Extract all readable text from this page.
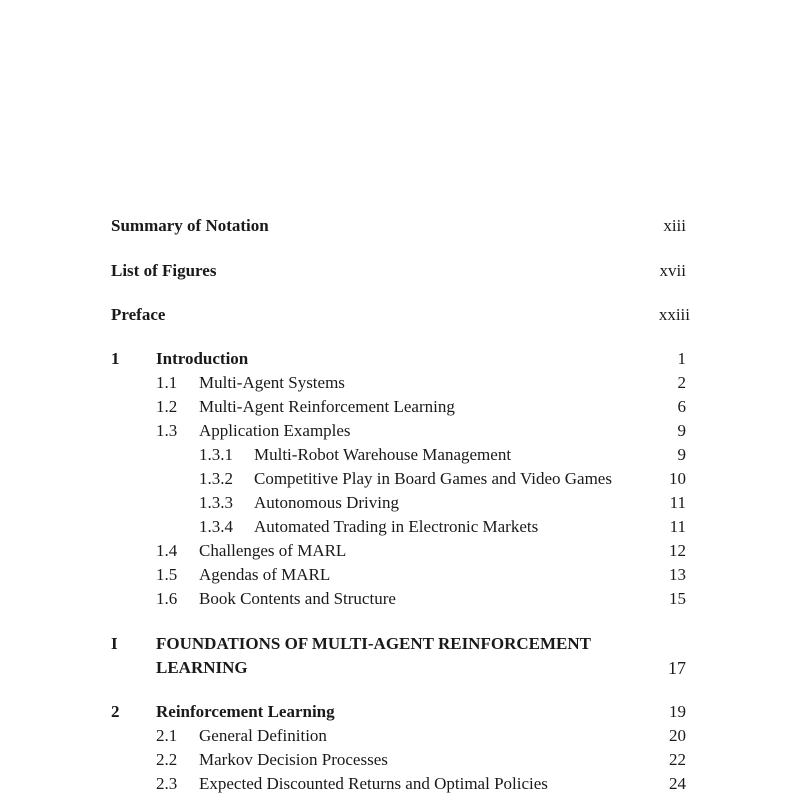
Summary of Notation	xiii
List of Figures	xvii
Preface	xxiii
1 Introduction	1
1.1 Multi-Agent Systems	2
1.2 Multi-Agent Reinforcement Learning	6
1.3 Application Examples	9
1.3.1 Multi-Robot Warehouse Management	9
1.3.2 Competitive Play in Board Games and Video Games	10
1.3.3 Autonomous Driving	11
1.3.4 Automated Trading in Electronic Markets	11
1.4 Challenges of MARL	12
1.5 Agendas of MARL	13
1.6 Book Contents and Structure	15
I FOUNDATIONS OF MULTI-AGENT REINFORCEMENT
LEARNING	17
2 Reinforcement Learning	19
2.1 General Definition	20
2.2 Markov Decision Processes	22
2.3 Expected Discounted Returns and Optimal Policies	24
